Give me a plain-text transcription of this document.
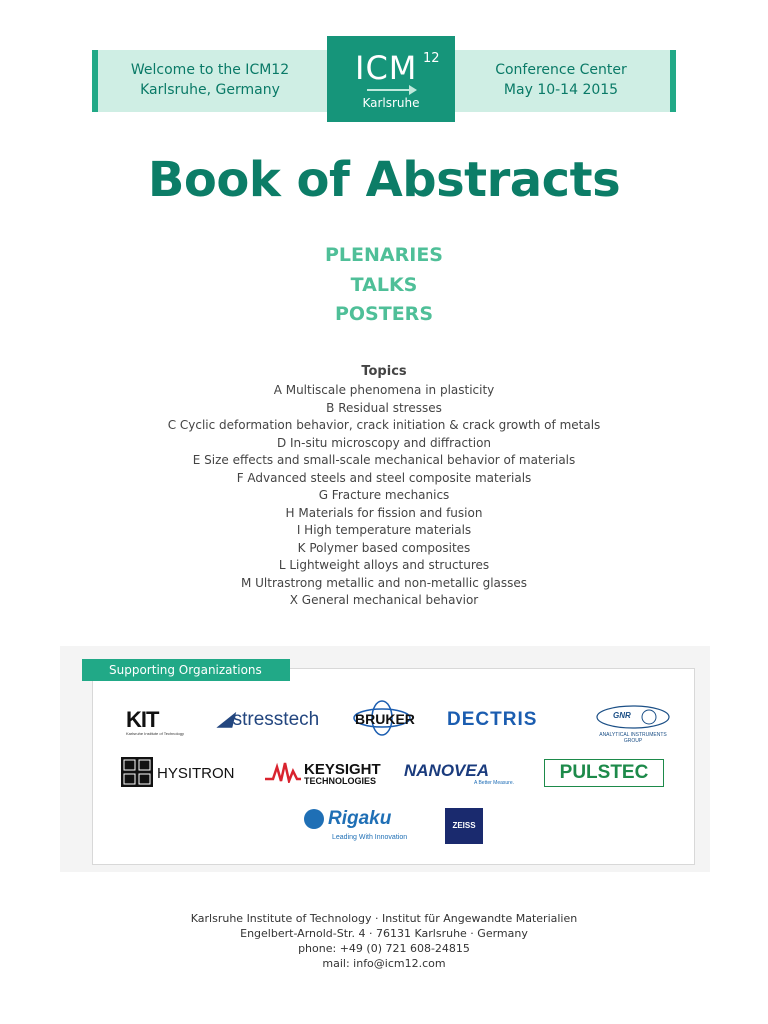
Welcome to the ICM12
Karlsruhe, Germany
Conference Center
May 10-14 2015
ICM 12
Karlsruhe
Book of Abstracts
PLENARIES
TALKS
POSTERS
Topics
A Multiscale phenomena in plasticity
B Residual stresses
C Cyclic deformation behavior, crack initiation & crack growth of metals
D In-situ microscopy and diffraction
E Size effects and small-scale mechanical behavior of materials
F Advanced steels and steel composite materials
G Fracture mechanics
H Materials for fission and fusion
I High temperature materials
K Polymer based composites
L Lightweight alloys and structures
M Ultrastrong metallic and non-metallic glasses
X General mechanical behavior
Supporting Organizations
KIT
Karlsruhe Institute of Technology
◢stresstech	BRUKER DECTRIS	GNR
ANALYTICAL INSTRUMENTS GROUP
HYSITRON	KEYSIGHT
TECHNOLOGIES
NANOVEA
A Better Measure.	PULSTEC
Rigaku
Leading With Innovation
ZEISS
Karlsruhe Institute of Technology · Institut für Angewandte Materialien
Engelbert-Arnold-Str. 4 · 76131 Karlsruhe · Germany
phone: +49 (0) 721 608-24815
mail: info@icm12.com
